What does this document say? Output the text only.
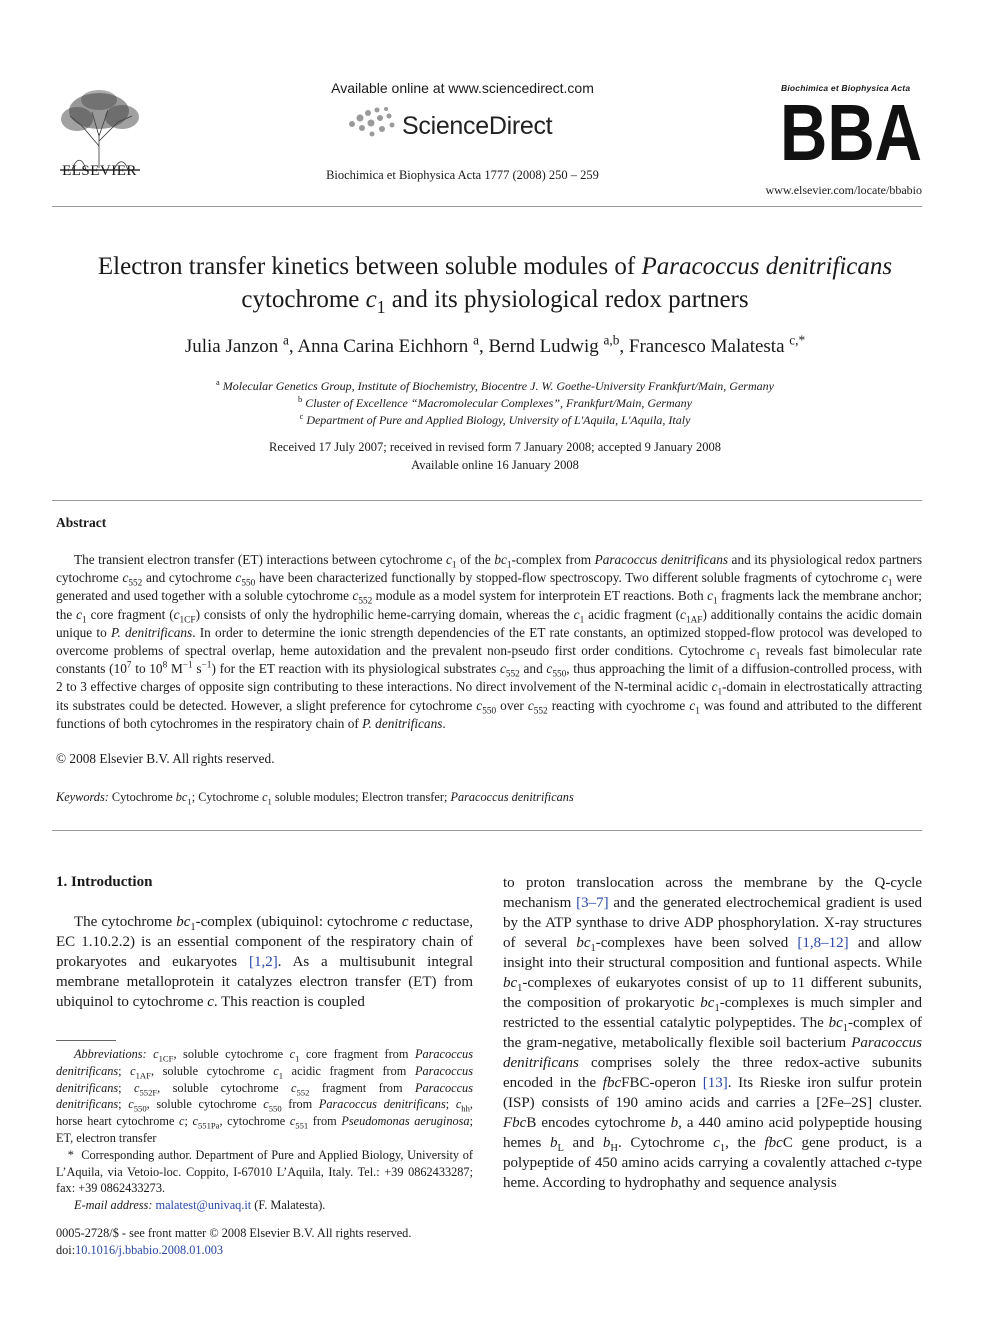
ELSEVIER
Available online at www.sciencedirect.com
ScienceDirect
Biochimica et Biophysica Acta 1777 (2008) 250 – 259
Biochimica et Biophysica Acta
BBA
www.elsevier.com/locate/bbabio
Electron transfer kinetics between soluble modules of Paracoccus denitrificans cytochrome $c_1$ and its physiological redox partners
Julia Janzon $^a$, Anna Carina Eichhorn $^a$, Bernd Ludwig $^{a,b}$, Francesco Malatesta $^{c,*}$
$^a$ Molecular Genetics Group, Institute of Biochemistry, Biocentre J. W. Goethe-University Frankfurt/Main, Germany
$^b$ Cluster of Excellence “Macromolecular Complexes”, Frankfurt/Main, Germany
$^c$ Department of Pure and Applied Biology, University of L'Aquila, L'Aquila, Italy
Received 17 July 2007; received in revised form 7 January 2008; accepted 9 January 2008
Available online 16 January 2008
Abstract
The transient electron transfer (ET) interactions between cytochrome $c_1$ of the $bc_1$-complex from Paracoccus denitrificans and its physiological redox partners cytochrome $c_{552}$ and cytochrome $c_{550}$ have been characterized functionally by stopped-flow spectroscopy. Two different soluble fragments of cytochrome $c_1$ were generated and used together with a soluble cytochrome $c_{552}$ module as a model system for interprotein ET reactions. Both $c_1$ fragments lack the membrane anchor; the $c_1$ core fragment $(c_{1CF})$ consists of only the hydrophilic heme-carrying domain, whereas the $c_1$ acidic fragment $(c_{1AF})$ additionally contains the acidic domain unique to P. denitrificans. In order to determine the ionic strength dependencies of the ET rate constants, an optimized stopped-flow protocol was developed to overcome problems of spectral overlap, heme autoxidation and the prevalent non-pseudo first order conditions. Cytochrome $c_1$ reveals fast bimolecular rate constants ($10^7$ to $10^8$ $M^{-1}$ $s^{-1}$) for the ET reaction with its physiological substrates $c_{552}$ and $c_{550}$, thus approaching the limit of a diffusion-controlled process, with 2 to 3 effective charges of opposite sign contributing to these interactions. No direct involvement of the N-terminal acidic $c_1$-domain in electrostatically attracting its substrates could be detected. However, a slight preference for cytochrome $c_{550}$ over $c_{552}$ reacting with cyochrome $c_1$ was found and attributed to the different functions of both cytochromes in the respiratory chain of P. denitrificans.
© 2008 Elsevier B.V. All rights reserved.
Keywords: Cytochrome $bc_1$; Cytochrome $c_1$ soluble modules; Electron transfer; Paracoccus denitrificans
1. Introduction
The cytochrome $bc_1$-complex (ubiquinol: cytochrome c reductase, EC 1.10.2.2) is an essential component of the respiratory chain of prokaryotes and eukaryotes [1,2]. As a multisubunit integral membrane metalloprotein it catalyzes electron transfer (ET) from ubiquinol to cytochrome c. This reaction is coupled

Abbreviations: $c_{1CF}$, soluble cytochrome $c_1$ core fragment from Paracoccus denitrificans; $c_{1AF}$, soluble cytochrome $c_1$ acidic fragment from Paracoccus denitrificans; $c_{552F}$, soluble cytochrome $c_{552}$ fragment from Paracoccus denitrificans; $c_{550}$, soluble cytochrome $c_{550}$ from Paracoccus denitrificans; $c_{hh}$, horse heart cytochrome c; $c_{551Pa}$, cytochrome $c_{551}$ from Pseudomonas aeruginosa; ET, electron transfer

*  Corresponding author. Department of Pure and Applied Biology, University of L’Aquila, via Vetoio-loc. Coppito, I-67010 L’Aquila, Italy. Tel.: +39 0862433287; fax: +39 0862433273.

E-mail address: malatest@univaq.it (F. Malatesta).

0005-2728/$ - see front matter © 2008 Elsevier B.V. All rights reserved.
doi:10.1016/j.bbabio.2008.01.003
to proton translocation across the membrane by the Q-cycle mechanism [3–7] and the generated electrochemical gradient is used by the ATP synthase to drive ADP phosphorylation. X-ray structures of several $bc_1$-complexes have been solved [1,8–12] and allow insight into their structural composition and funtional aspects. While $bc_1$-complexes of eukaryotes consist of up to 11 different subunits, the composition of prokaryotic $bc_1$-complexes is much simpler and restricted to the essential catalytic polypeptides. The $bc_1$-complex of the gram-negative, metabolically flexible soil bacterium Paracoccus denitrificans comprises solely the three redox-active subunits encoded in the fbcFBC-operon [13]. Its Rieske iron sulfur protein (ISP) consists of 190 amino acids and carries a [2Fe–2S] cluster. FbcB encodes cytochrome b, a 440 amino acid polypeptide housing hemes $b_L$ and $b_H$. Cytochrome $c_1$, the fbcC gene product, is a polypeptide of 450 amino acids carrying a covalently attached c-type heme. According to hydrophathy and sequence analysis
